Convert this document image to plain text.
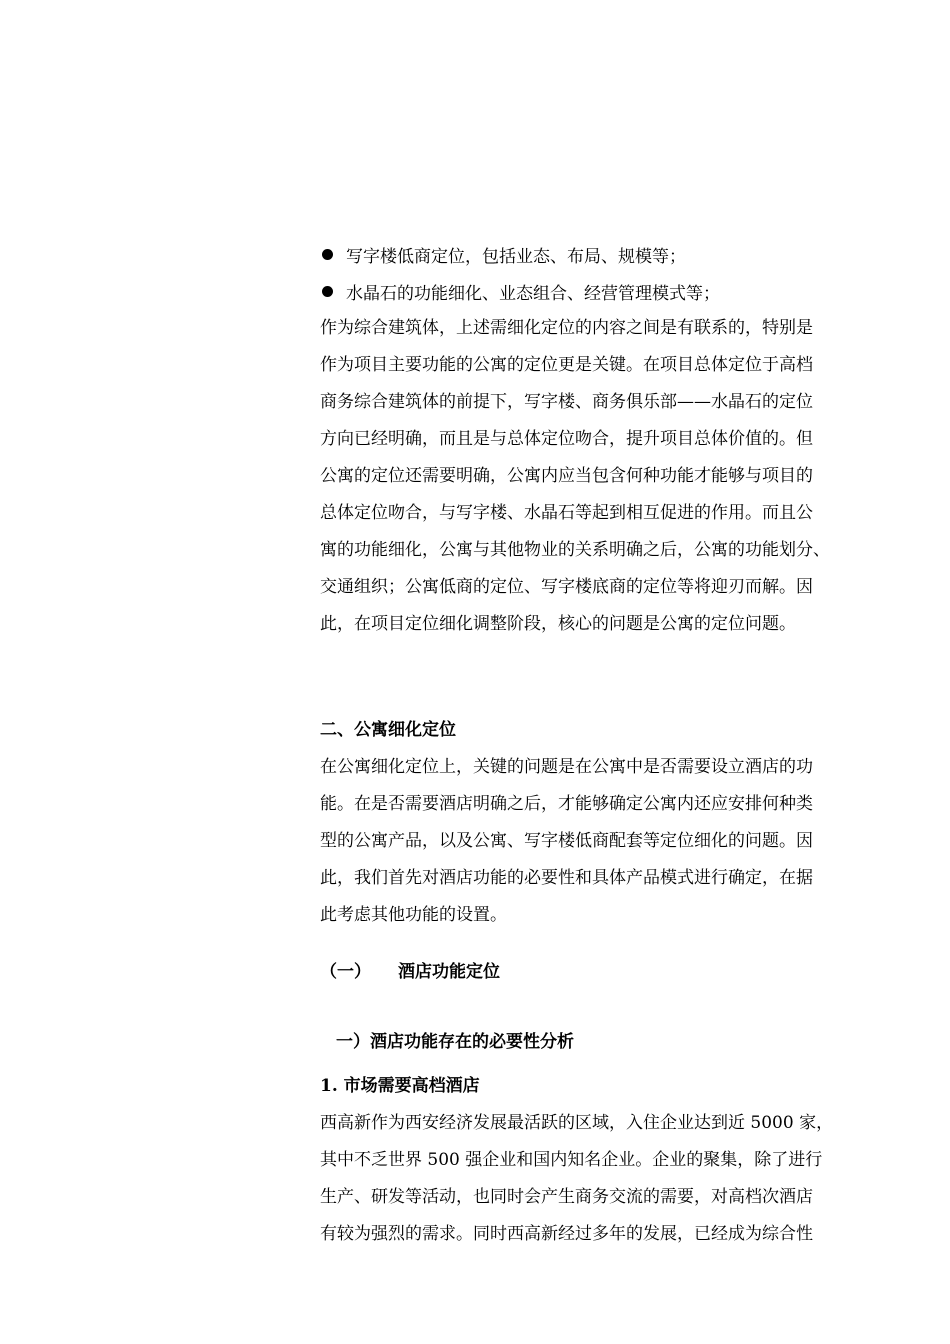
写字楼低商定位，包括业态、布局、规模等；
水晶石的功能细化、业态组合、经营管理模式等；
作为综合建筑体，上述需细化定位的内容之间是有联系的，特别是
作为项目主要功能的公寓的定位更是关键。在项目总体定位于高档
商务综合建筑体的前提下，写字楼、商务俱乐部——水晶石的定位
方向已经明确，而且是与总体定位吻合，提升项目总体价值的。但
公寓的定位还需要明确，公寓内应当包含何种功能才能够与项目的
总体定位吻合，与写字楼、水晶石等起到相互促进的作用。而且公
寓的功能细化，公寓与其他物业的关系明确之后，公寓的功能划分、
交通组织；公寓低商的定位、写字楼底商的定位等将迎刃而解。因
此，在项目定位细化调整阶段，核心的问题是公寓的定位问题。
二、公寓细化定位
在公寓细化定位上，关键的问题是在公寓中是否需要设立酒店的功
能。在是否需要酒店明确之后，才能够确定公寓内还应安排何种类
型的公寓产品，以及公寓、写字楼低商配套等定位细化的问题。因
此，我们首先对酒店功能的必要性和具体产品模式进行确定，在据
此考虑其他功能的设置。
（一） 酒店功能定位
一）酒店功能存在的必要性分析
1. 市场需要高档酒店
西高新作为西安经济发展最活跃的区域，入住企业达到近 5000 家，
其中不乏世界 500 强企业和国内知名企业。企业的聚集，除了进行
生产、研发等活动，也同时会产生商务交流的需要，对高档次酒店
有较为强烈的需求。同时西高新经过多年的发展，已经成为综合性
